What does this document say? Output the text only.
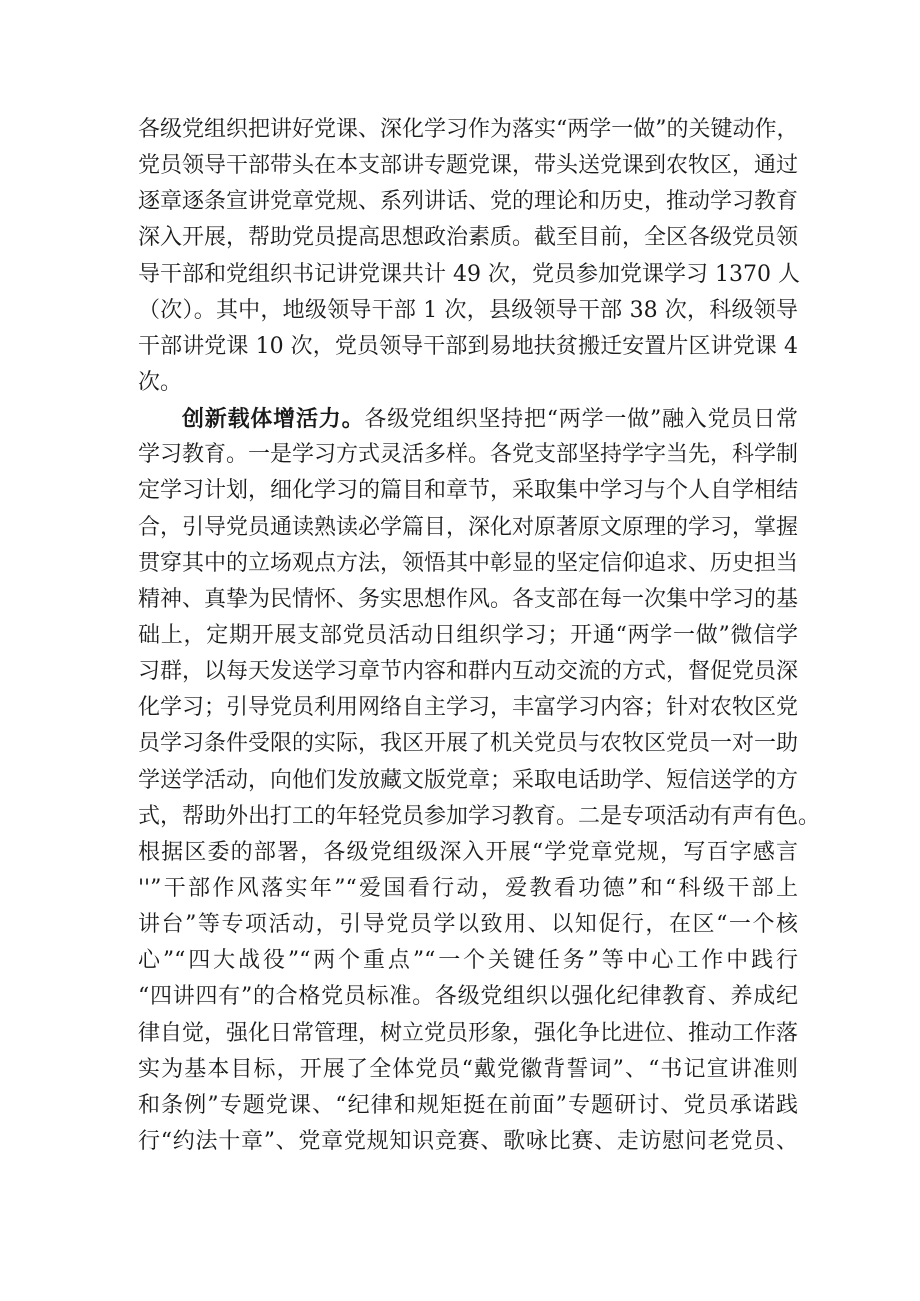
各级党组织把讲好党课、深化学习作为落实“两学一做”的关键动作，
党员领导干部带头在本支部讲专题党课，带头送党课到农牧区，通过
逐章逐条宣讲党章党规、系列讲话、党的理论和历史，推动学习教育
深入开展，帮助党员提高思想政治素质。截至目前，全区各级党员领
导干部和党组织书记讲党课共计 49 次，党员参加党课学习 1370 人
（次）。其中，地级领导干部 1 次，县级领导干部 38 次，科级领导
干部讲党课 10 次，党员领导干部到易地扶贫搬迁安置片区讲党课 4
次。
创新载体增活力。各级党组织坚持把“两学一做”融入党员日常
学习教育。一是学习方式灵活多样。各党支部坚持学字当先，科学制
定学习计划，细化学习的篇目和章节，采取集中学习与个人自学相结
合，引导党员通读熟读必学篇目，深化对原著原文原理的学习，掌握
贯穿其中的立场观点方法，领悟其中彰显的坚定信仰追求、历史担当
精神、真挚为民情怀、务实思想作风。各支部在每一次集中学习的基
础上，定期开展支部党员活动日组织学习；开通“两学一做”微信学
习群，以每天发送学习章节内容和群内互动交流的方式，督促党员深
化学习；引导党员利用网络自主学习，丰富学习内容；针对农牧区党
员学习条件受限的实际，我区开展了机关党员与农牧区党员一对一助
学送学活动，向他们发放藏文版党章；采取电话助学、短信送学的方
式，帮助外出打工的年轻党员参加学习教育。二是专项活动有声有色。
根据区委的部署，各级党组级深入开展“学党章党规，写百字感言
''”干部作风落实年”“爱国看行动，爱教看功德”和“科级干部上
讲台”等专项活动，引导党员学以致用、以知促行，在区“一个核
心”“四大战役”“两个重点”“一个关键任务”等中心工作中践行
“四讲四有”的合格党员标准。各级党组织以强化纪律教育、养成纪
律自觉，强化日常管理，树立党员形象，强化争比进位、推动工作落
实为基本目标，开展了全体党员“戴党徽背誓词”、“书记宣讲准则
和条例”专题党课、“纪律和规矩挺在前面”专题研讨、党员承诺践
行“约法十章”、党章党规知识竞赛、歌咏比赛、走访慰问老党员、
